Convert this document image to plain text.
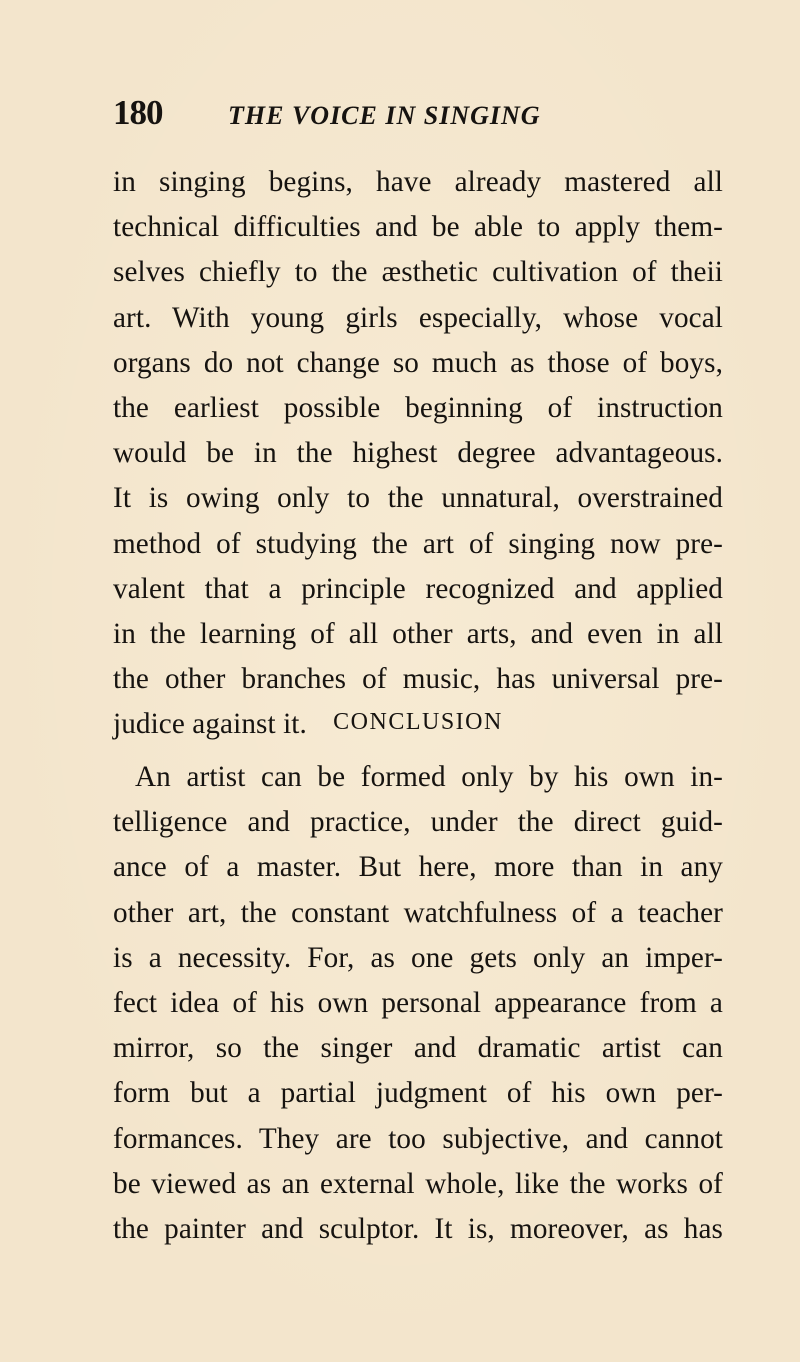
180	THE VOICE IN SINGING
in singing begins, have already mastered all
technical difficulties and be able to apply them-
selves chiefly to the æsthetic cultivation of theii
art. With young girls especially, whose vocal
organs do not change so much as those of boys,
the earliest possible beginning of instruction
would be in the highest degree advantageous.
It is owing only to the unnatural, overstrained
method of studying the art of singing now pre-
valent that a principle recognized and applied
in the learning of all other arts, and even in all
the other branches of music, has universal pre-
judice against it.	CONCLUSION
An artist can be formed only by his own in-
telligence and practice, under the direct guid-
ance of a master. But here, more than in any
other art, the constant watchfulness of a teacher
is a necessity. For, as one gets only an imper-
fect idea of his own personal appearance from a
mirror, so the singer and dramatic artist can
form but a partial judgment of his own per-
formances. They are too subjective, and cannot
be viewed as an external whole, like the works of
the painter and sculptor. It is, moreover, as has
